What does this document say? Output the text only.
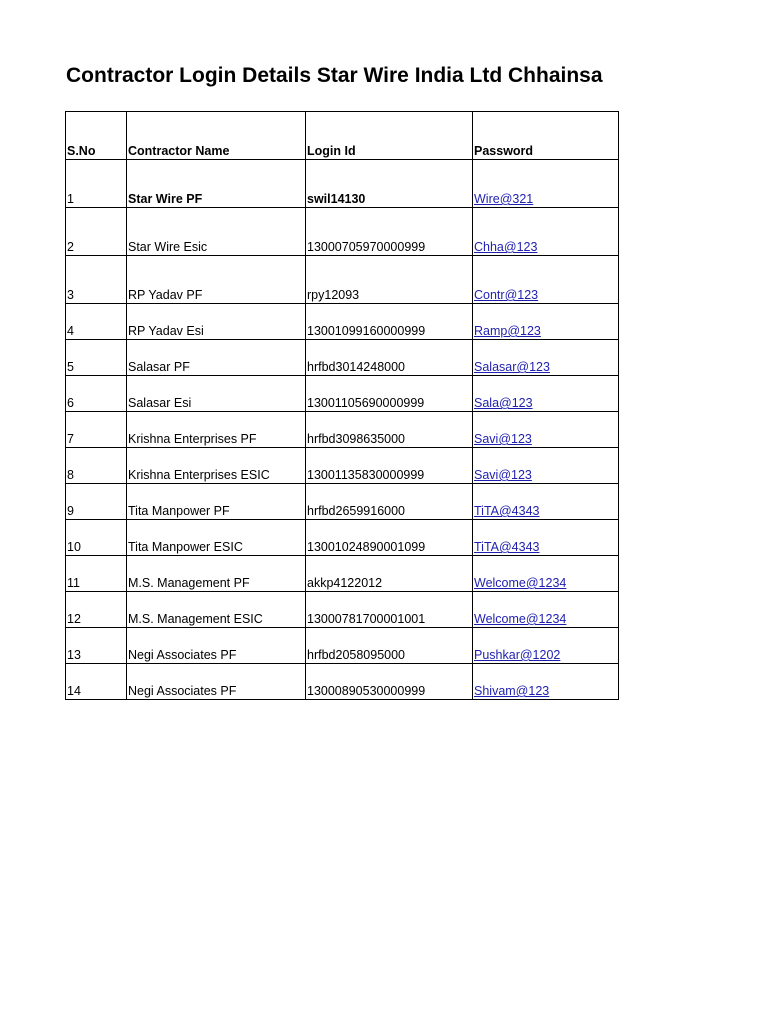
Contractor Login Details Star Wire India Ltd Chhainsa
S.No	Contractor Name	Login Id	Password
1	Star Wire PF	swil14130	Wire@321
2	Star Wire Esic	13000705970000999	Chha@123
3	RP Yadav PF	rpy12093	Contr@123
4	RP Yadav Esi	13001099160000999	Ramp@123
5	Salasar PF	hrfbd3014248000	Salasar@123
6	Salasar Esi	13001105690000999	Sala@123
7	Krishna Enterprises PF	hrfbd3098635000	Savi@123
8	Krishna Enterprises ESIC	13001135830000999	Savi@123
9	Tita Manpower PF	hrfbd2659916000	TiTA@4343
10	Tita Manpower ESIC	13001024890001099	TiTA@4343
11	M.S. Management PF	akkp4122012	Welcome@1234
12	M.S. Management ESIC	13000781700001001	Welcome@1234
13	Negi Associates PF	hrfbd2058095000	Pushkar@1202
14	Negi Associates PF	13000890530000999	Shivam@123
